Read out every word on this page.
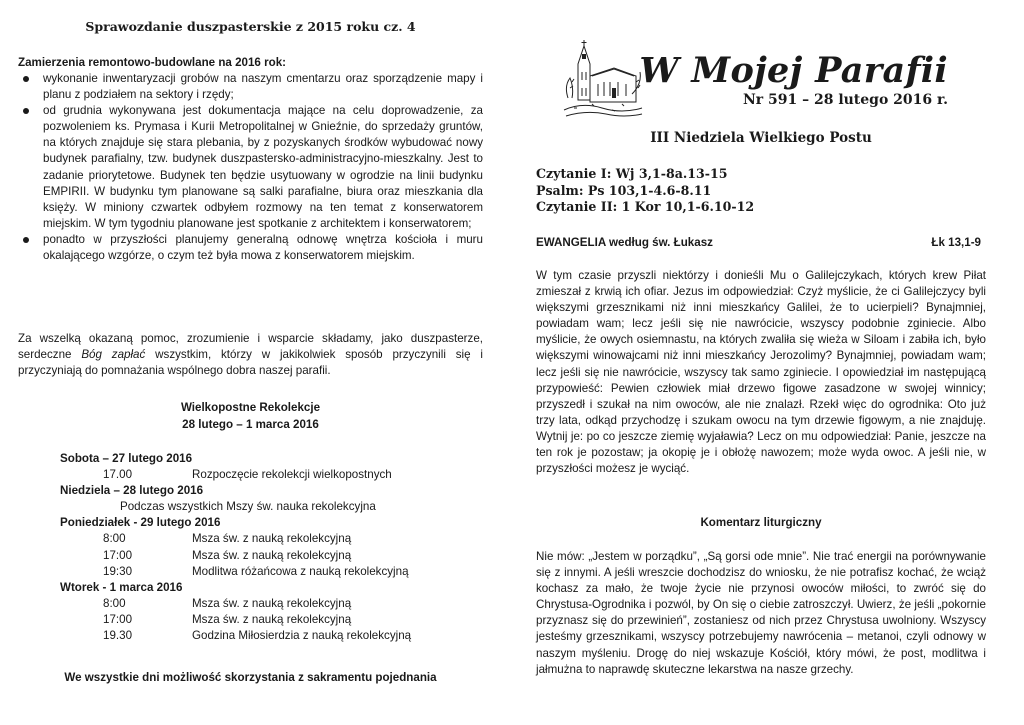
Sprawozdanie duszpasterskie z 2015 roku cz. 4
Zamierzenia remontowo-budowlane na 2016 rok:
wykonanie inwentaryzacji grobów na naszym cmentarzu oraz sporządzenie mapy i planu z podziałem na sektory i rzędy;
od grudnia wykonywana jest dokumentacja mające na celu doprowadzenie, za pozwoleniem ks. Prymasa i Kurii Metropolitalnej w Gnieźnie, do sprzedaży gruntów, na których znajduje się stara plebania, by z pozyskanych środków wybudować nowy budynek parafialny, tzw. budynek duszpastersko-administracyjno-mieszkalny. Jest to zadanie priorytetowe. Budynek ten będzie usytuowany w ogrodzie na linii budynku EMPIRII. W budynku tym planowane są salki parafialne, biura oraz mieszkania dla księży. W miniony czwartek odbyłem rozmowy na ten temat z konserwatorem miejskim. W tym tygodniu planowane jest spotkanie z architektem i konserwatorem;
ponadto w przyszłości planujemy generalną odnowę wnętrza kościoła i muru okalającego wzgórze, o czym też była mowa z konserwatorem miejskim.
Za wszelką okazaną pomoc, zrozumienie i wsparcie składamy, jako duszpasterze, serdeczne Bóg zapłać wszystkim, którzy w jakikolwiek sposób przyczynili się i przyczyniają do pomnażania wspólnego dobra naszej parafii.
Wielkopostne Rekolekcje
28 lutego – 1 marca 2016
Sobota – 27 lutego 2016
17.00	Rozpoczęcie rekolekcji wielkopostnych
Niedziela – 28 lutego 2016
Podczas wszystkich Mszy św. nauka rekolekcyjna
Poniedziałek - 29 lutego 2016
8:00	Msza św. z nauką rekolekcyjną
17:00	Msza św. z nauką rekolekcyjną
19:30	Modlitwa różańcowa z nauką rekolekcyjną
Wtorek - 1 marca 2016
8:00	Msza św. z nauką rekolekcyjną
17:00	Msza św. z nauką rekolekcyjną
19.30	Godzina Miłosierdzia z nauką rekolekcyjną
We wszystkie dni możliwość skorzystania z sakramentu pojednania
W Mojej Parafii
Nr 591 – 28 lutego 2016 r.
III Niedziela Wielkiego Postu
Czytanie I: Wj 3,1-8a.13-15
Psalm: Ps 103,1-4.6-8.11
Czytanie II: 1 Kor 10,1-6.10-12
EWANGELIA według św. Łukasz	Łk 13,1-9
W tym czasie przyszli niektórzy i donieśli Mu o Galilejczykach, których krew Piłat zmieszał z krwią ich ofiar. Jezus im odpowiedział: Czyż myślicie, że ci Galilejczycy byli większymi grzesznikami niż inni mieszkańcy Galilei, że to ucierpieli? Bynajmniej, powiadam wam; lecz jeśli się nie nawrócicie, wszyscy podobnie zginiecie. Albo myślicie, że owych osiemnastu, na których zwaliła się wieża w Siloam i zabiła ich, było większymi winowajcami niż inni mieszkańcy Jerozolimy? Bynajmniej, powiadam wam; lecz jeśli się nie nawrócicie, wszyscy tak samo zginiecie. I opowiedział im następującą przypowieść: Pewien człowiek miał drzewo figowe zasadzone w swojej winnicy; przyszedł i szukał na nim owoców, ale nie znalazł. Rzekł więc do ogrodnika: Oto już trzy lata, odkąd przychodzę i szukam owocu na tym drzewie figowym, a nie znajduję. Wytnij je: po co jeszcze ziemię wyjaławia? Lecz on mu odpowiedział: Panie, jeszcze na ten rok je pozostaw; ja okopię je i obłożę nawozem; może wyda owoc. A jeśli nie, w przyszłości możesz je wyciąć.
Komentarz liturgiczny
Nie mów: „Jestem w porządku”, „Są gorsi ode mnie”. Nie trać energii na porównywanie się z innymi. A jeśli wreszcie dochodzisz do wniosku, że nie potrafisz kochać, że wciąż kochasz za mało, że twoje życie nie przynosi owoców miłości, to zwróć się do Chrystusa-Ogrodnika i pozwól, by On się o ciebie zatroszczył. Uwierz, że jeśli „pokornie przyznasz się do przewinień”, zostaniesz od nich przez Chrystusa uwolniony. Wszyscy jesteśmy grzesznikami, wszyscy potrzebujemy nawrócenia – metanoi, czyli odnowy w naszym myśleniu. Drogę do niej wskazuje Kościół, który mówi, że post, modlitwa i jałmużna to naprawdę skuteczne lekarstwa na nasze grzechy.
